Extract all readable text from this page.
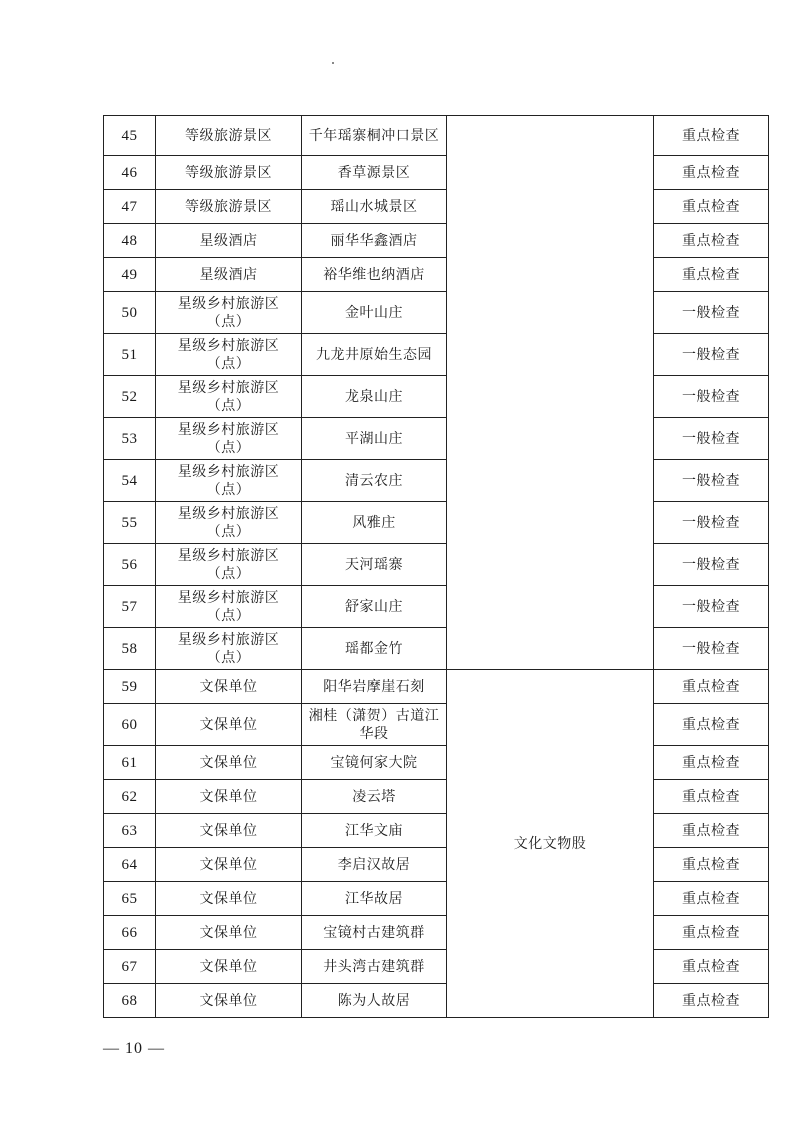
45	等级旅游景区	千年瑶寨桐冲口景区		重点检查
46	等级旅游景区	香草源景区		重点检查
47	等级旅游景区	瑶山水城景区		重点检查
48	星级酒店	丽华华鑫酒店		重点检查
49	星级酒店	裕华维也纳酒店		重点检查
50	星级乡村旅游区（点）	金叶山庄		一般检查
51	星级乡村旅游区（点）	九龙井原始生态园		一般检查
52	星级乡村旅游区（点）	龙泉山庄		一般检查
53	星级乡村旅游区（点）	平湖山庄		一般检查
54	星级乡村旅游区（点）	清云农庄		一般检查
55	星级乡村旅游区（点）	风雅庄		一般检查
56	星级乡村旅游区（点）	天河瑶寨		一般检查
57	星级乡村旅游区（点）	舒家山庄		一般检查
58	星级乡村旅游区（点）	瑶都金竹		一般检查
59	文保单位	阳华岩摩崖石刻	文化文物股	重点检查
60	文保单位	湘桂（潇贺）古道江华段		重点检查
61	文保单位	宝镜何家大院		重点检查
62	文保单位	凌云塔		重点检查
63	文保单位	江华文庙		重点检查
64	文保单位	李启汉故居		重点检查
65	文保单位	江华故居		重点检查
66	文保单位	宝镜村古建筑群		重点检查
67	文保单位	井头湾古建筑群		重点检查
68	文保单位	陈为人故居		重点检查
— 10 —
